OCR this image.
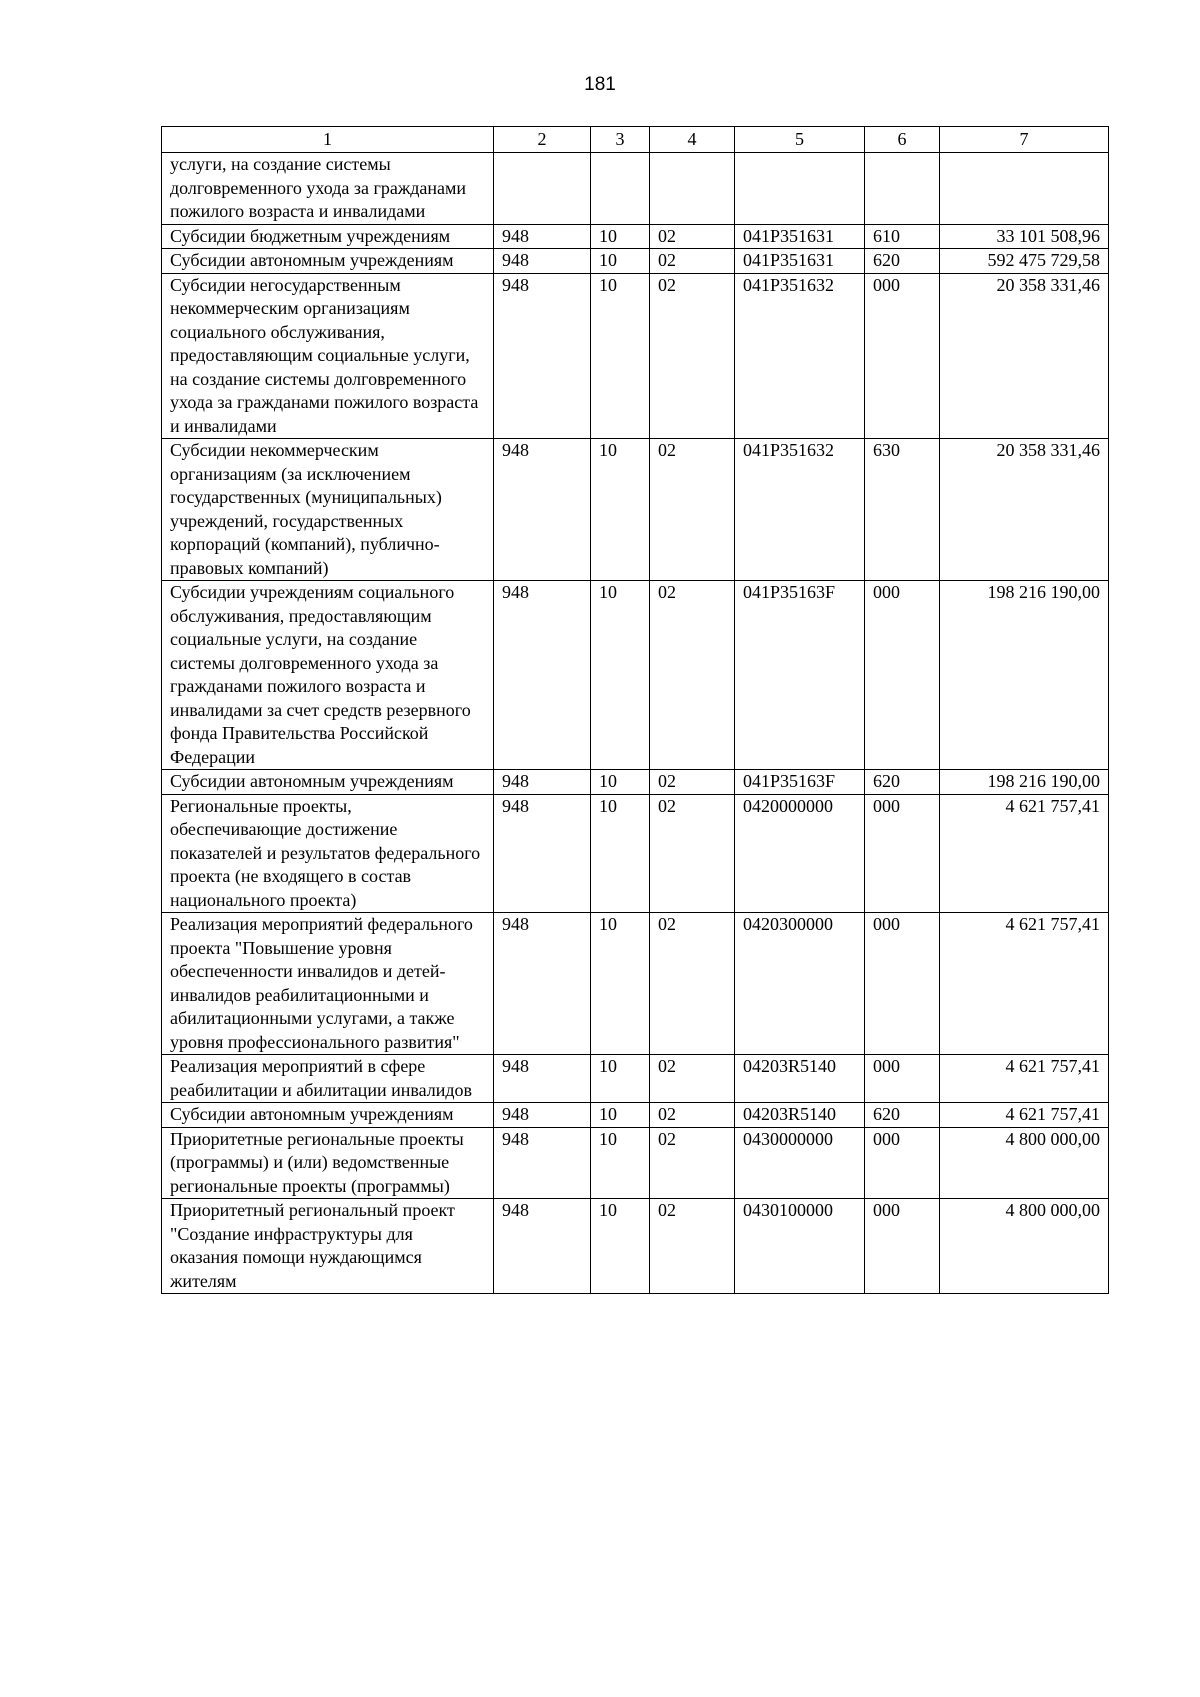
181
1	2	3	4	5	6	7
услуги, на создание системы долговременного ухода за гражданами пожилого возраста и инвалидами						
Субсидии бюджетным учреждениям	948	10	02	041Р351631	610	33 101 508,96
Субсидии автономным учреждениям	948	10	02	041Р351631	620	592 475 729,58
Субсидии негосударственным некоммерческим организациям социального обслуживания, предоставляющим социальные услуги, на создание системы долговременного ухода за гражданами пожилого возраста и инвалидами	948	10	02	041Р351632	000	20 358 331,46
Субсидии некоммерческим организациям (за исключением государственных (муниципальных) учреждений, государственных корпораций (компаний), публично-правовых компаний)	948	10	02	041Р351632	630	20 358 331,46
Субсидии учреждениям социального обслуживания, предоставляющим социальные услуги, на создание системы долговременного ухода за гражданами пожилого возраста и инвалидами за счет средств резервного фонда Правительства Российской Федерации	948	10	02	041Р35163F	000	198 216 190,00
Субсидии автономным учреждениям	948	10	02	041Р35163F	620	198 216 190,00
Региональные проекты, обеспечивающие достижение показателей и результатов федерального проекта (не входящего в состав национального проекта)	948	10	02	0420000000	000	4 621 757,41
Реализация мероприятий федерального проекта "Повышение уровня обеспеченности инвалидов и детей-инвалидов реабилитационными и абилитационными услугами, а также уровня профессионального развития"	948	10	02	0420300000	000	4 621 757,41
Реализация мероприятий в сфере реабилитации и абилитации инвалидов	948	10	02	04203R5140	000	4 621 757,41
Субсидии автономным учреждениям	948	10	02	04203R5140	620	4 621 757,41
Приоритетные региональные проекты (программы) и (или) ведомственные региональные проекты (программы)	948	10	02	0430000000	000	4 800 000,00
Приоритетный региональный проект "Создание инфраструктуры для оказания помощи нуждающимся жителям	948	10	02	0430100000	000	4 800 000,00
